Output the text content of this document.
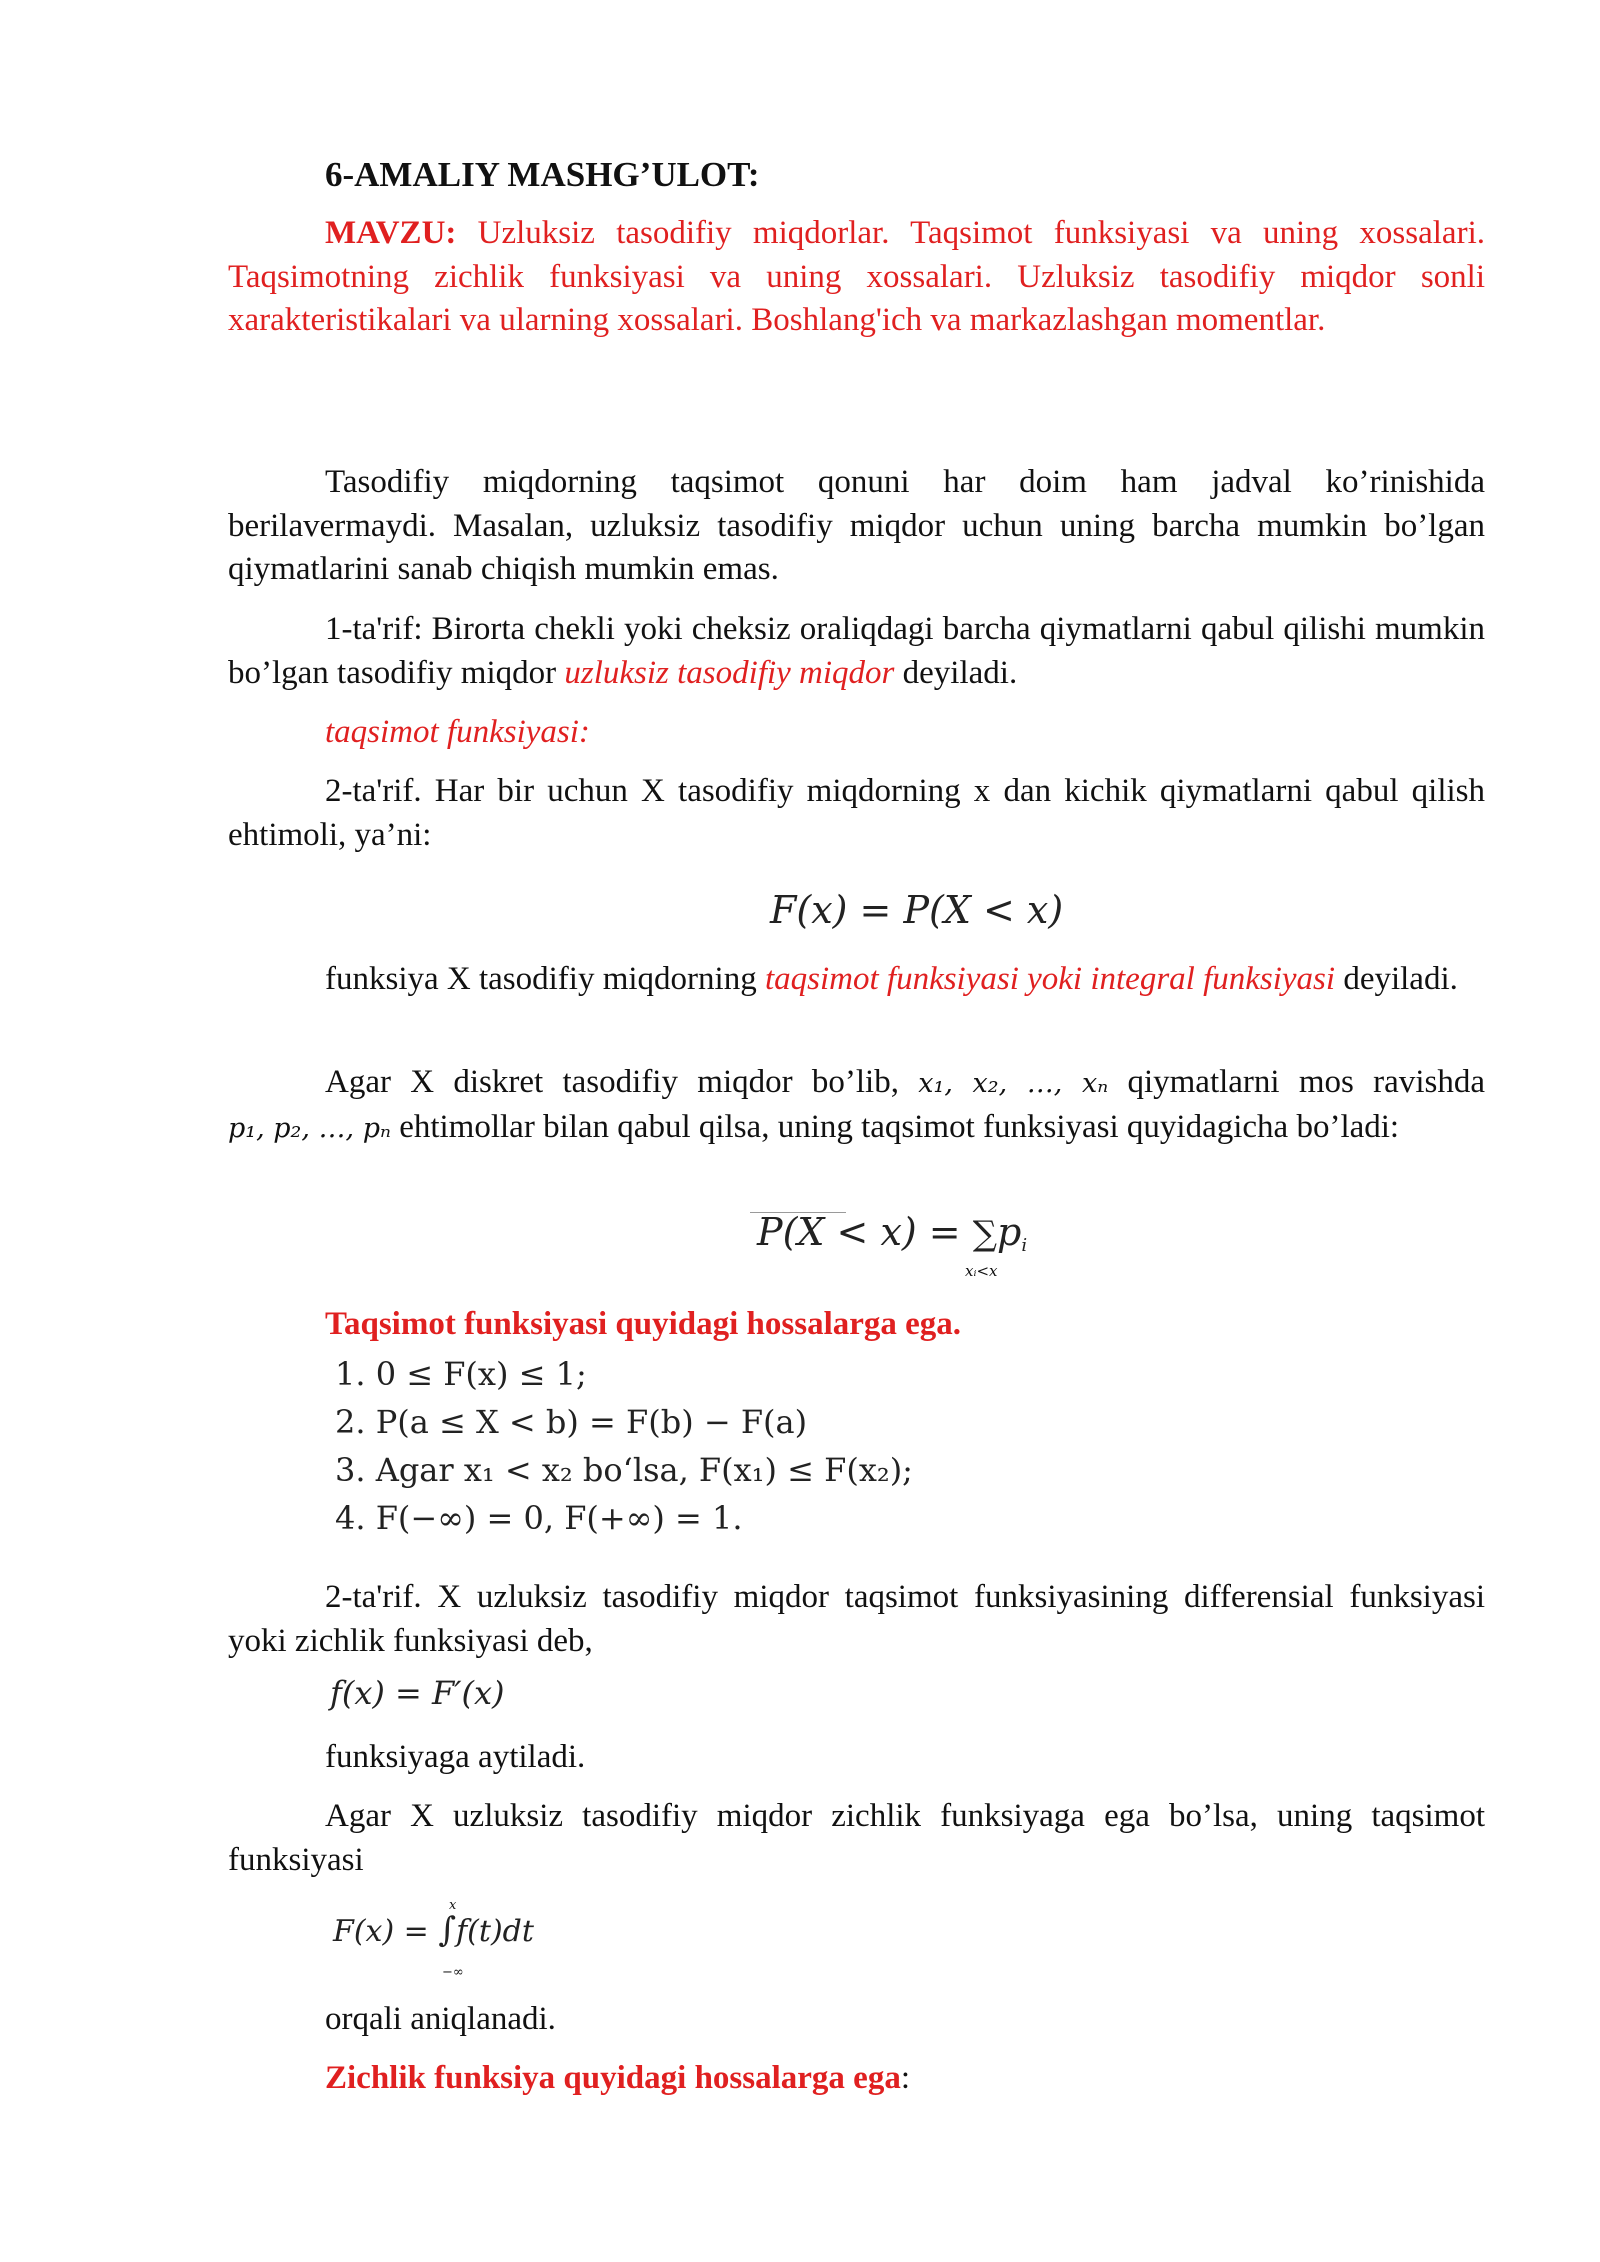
6-AMALIY MASHG’ULOT:

MAVZU: Uzluksiz tasodifiy miqdorlar. Taqsimot funksiyasi va uning xossalari. Taqsimotning zichlik funksiyasi va uning xossalari. Uzluksiz tasodifiy miqdor sonli xarakteristikalari va ularning xossalari. Boshlang'ich va markazlashgan momentlar.

Tasodifiy miqdorning taqsimot qonuni har doim ham jadval ko’rinishida berilavermaydi. Masalan, uzluksiz tasodifiy miqdor uchun uning barcha mumkin bo’lgan qiymatlarini sanab chiqish mumkin emas.

1-ta'rif: Birorta chekli yoki cheksiz oraliqdagi barcha qiymatlarni qabul qilishi mumkin bo’lgan tasodifiy miqdor uzluksiz tasodifiy miqdor deyiladi.

taqsimot funksiyasi:

2-ta'rif. Har bir uchun X tasodifiy miqdorning x dan kichik qiymatlarni qabul qilish ehtimoli, ya’ni:

F(x) = P(X < x)

funksiya X tasodifiy miqdorning taqsimot funksiyasi yoki integral funksiyasi deyiladi.

Agar X diskret tasodifiy miqdor bo’lib, x₁, x₂, …, xₙ qiymatlarni mos ravishda p₁, p₂, …, pₙ ehtimollar bilan qabul qilsa, uning taqsimot funksiyasi quyidagicha bo’ladi:

$P(X < x) = \sum p_i$
xᵢ<x

Taqsimot funksiyasi quyidagi hossalarga ega.

1. 0 ≤ F(x) ≤ 1;
2. P(a ≤ X < b) = F(b) − F(a)
3. Agar x₁ < x₂ bo‘lsa, F(x₁) ≤ F(x₂);
4. F(−∞) = 0, F(+∞) = 1.

2-ta'rif. X uzluksiz tasodifiy miqdor taqsimot funksiyasining differensial funksiyasi yoki zichlik funksiyasi deb,

f(x) = F′(x)

funksiyaga aytiladi.

Agar X uzluksiz tasodifiy miqdor zichlik funksiyaga ega bo’lsa, uning taqsimot funksiyasi

F(x) = ∫f(t)dt
x
−∞

orqali aniqlanadi.

Zichlik funksiya quyidagi hossalarga ega:
